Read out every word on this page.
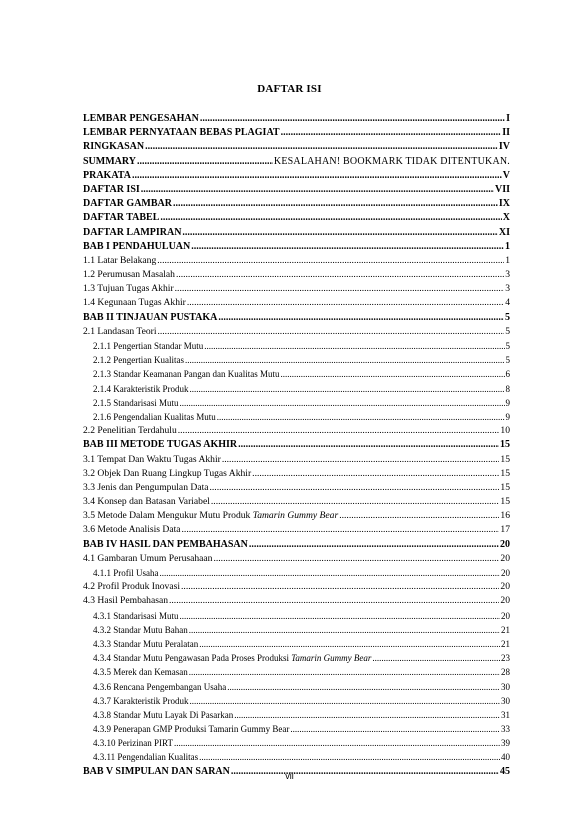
DAFTAR ISI
LEMBAR PENGESAHAN .....	I
LEMBAR PERNYATAAN BEBAS PLAGIAT .....	II
RINGKASAN .....	IV
SUMMARY .....	KESALAHAN! BOOKMARK TIDAK DITENTUKAN.
PRAKATA .....	V
DAFTAR ISI .....	VII
DAFTAR GAMBAR .....	IX
DAFTAR TABEL .....	X
DAFTAR LAMPIRAN .....	XI
BAB I PENDAHULUAN .....	1
1.1 Latar Belakang .....	1
1.2 Perumusan Masalah .....	3
1.3 Tujuan Tugas Akhir .....	3
1.4 Kegunaan Tugas Akhir .....	4
BAB II TINJAUAN PUSTAKA .....	5
2.1 Landasan Teori .....	5
2.1.1 Pengertian Standar Mutu .....	5
2.1.2 Pengertian Kualitas .....	5
2.1.3 Standar Keamanan Pangan dan Kualitas Mutu .....	6
2.1.4 Karakteristik Produk .....	8
2.1.5 Standarisasi Mutu .....	9
2.1.6 Pengendalian Kualitas Mutu .....	9
2.2 Penelitian Terdahulu .....	10
BAB III METODE TUGAS AKHIR .....	15
3.1 Tempat Dan Waktu Tugas Akhir .....	15
3.2 Objek Dan Ruang Lingkup Tugas Akhir .....	15
3.3 Jenis dan Pengumpulan Data .....	15
3.4 Konsep dan Batasan Variabel .....	15
3.5 Metode Dalam Mengukur Mutu Produk Tamarin Gummy Bear .....	16
3.6 Metode Analisis Data .....	17
BAB IV HASIL DAN PEMBAHASAN .....	20
4.1 Gambaran Umum Perusahaan .....	20
4.1.1 Profil Usaha .....	20
4.2 Profil Produk Inovasi .....	20
4.3 Hasil Pembahasan .....	20
4.3.1 Standarisasi Mutu .....	20
4.3.2 Standar Mutu Bahan .....	21
4.3.3 Standar Mutu Peralatan .....	21
4.3.4 Standar Mutu Pengawasan Pada Proses Produksi Tamarin Gummy Bear .....	23
4.3.5 Merek dan Kemasan .....	28
4.3.6 Rencana Pengembangan Usaha .....	30
4.3.7 Karakteristik Produk .....	30
4.3.8 Standar Mutu Layak Di Pasarkan .....	31
4.3.9 Penerapan GMP Produksi Tamarin Gummy Bear .....	33
4.3.10 Perizinan PIRT .....	39
4.3.11 Pengendalian Kualitas .....	40
BAB V SIMPULAN DAN SARAN .....	45
vii
